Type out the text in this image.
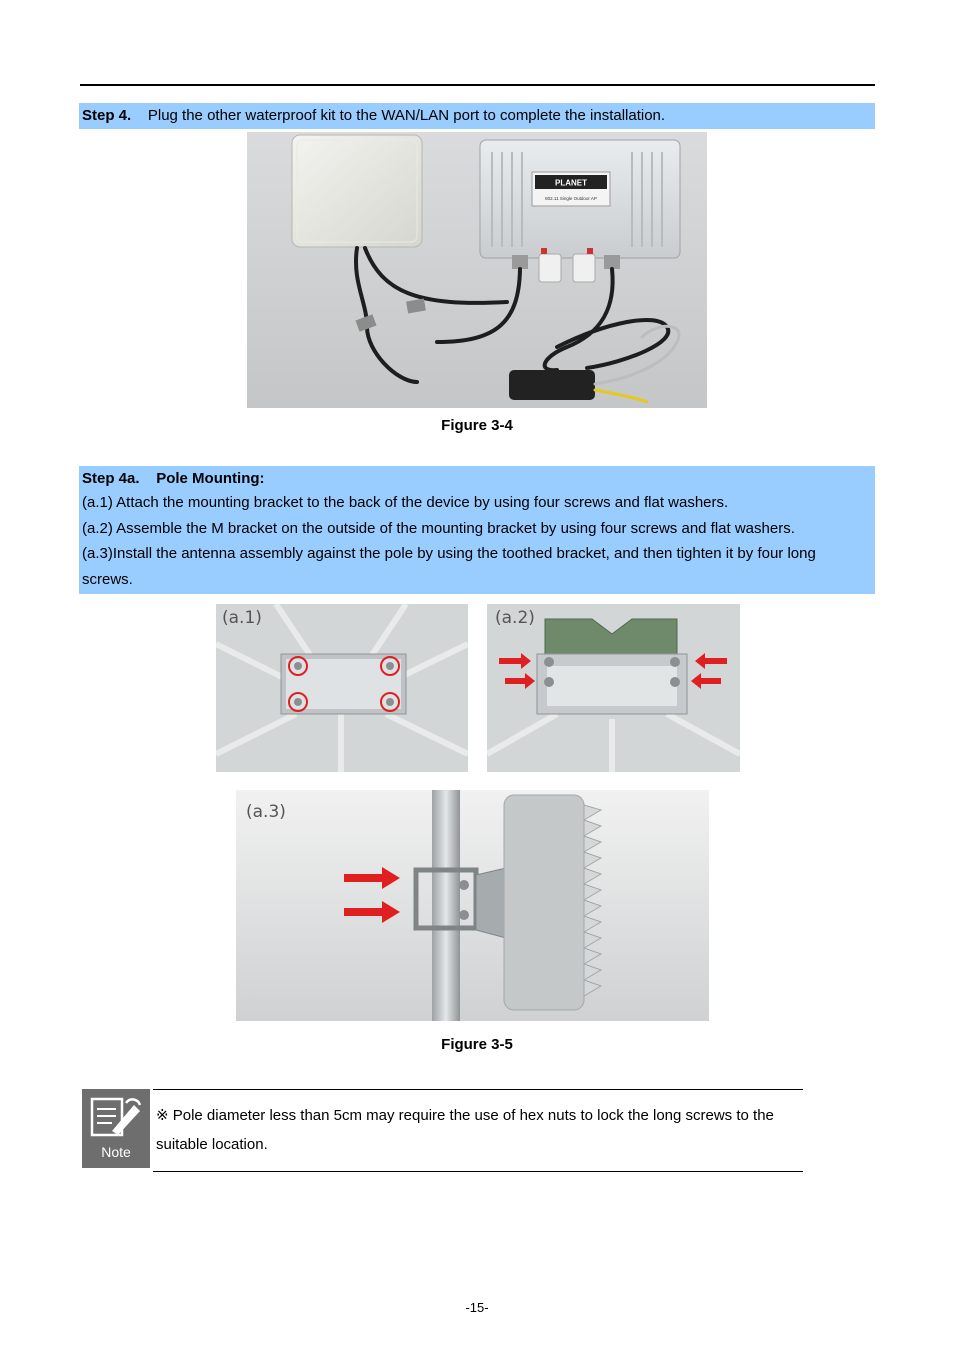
Step 4. Plug the other waterproof kit to the WAN/LAN port to complete the installation.
PLANET
802.11 Single Outdoor AP
Figure 3-4
Step 4a. Pole Mounting:
(a.1) Attach the mounting bracket to the back of the device by using four screws and flat washers.
(a.2) Assemble the M bracket on the outside of the mounting bracket by using four screws and flat washers.
(a.3)Install the antenna assembly against the pole by using the toothed bracket, and then tighten it by four long
screws.
(a.1)	(a.2)
(a.3)
Figure 3-5
Note
※ Pole diameter less than 5cm may require the use of hex nuts to lock the long screws to the suitable location.
-15-
